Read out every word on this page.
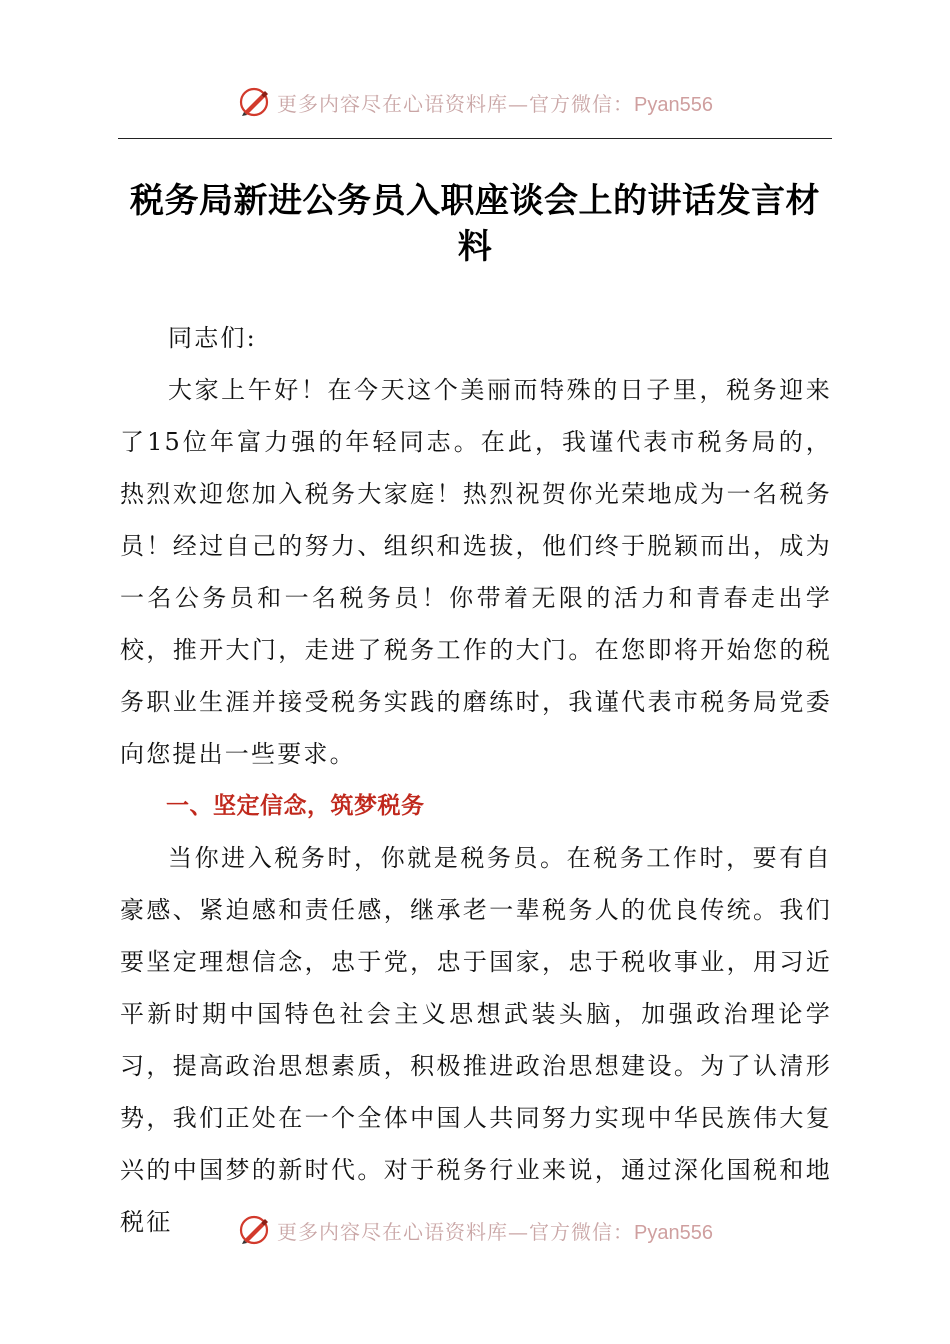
更多内容尽在心语资料库—官方微信：Pyan556
税务局新进公务员入职座谈会上的讲话发言材料

同志们:

大家上午好！在今天这个美丽而特殊的日子里，税务迎来了15位年富力强的年轻同志。在此，我谨代表市税务局的，热烈欢迎您加入税务大家庭！热烈祝贺你光荣地成为一名税务员！经过自己的努力、组织和选拔，他们终于脱颖而出，成为一名公务员和一名税务员！你带着无限的活力和青春走出学校，推开大门，走进了税务工作的大门。在您即将开始您的税务职业生涯并接受税务实践的磨练时，我谨代表市税务局党委向您提出一些要求。

一、坚定信念，筑梦税务

当你进入税务时，你就是税务员。在税务工作时，要有自豪感、紧迫感和责任感，继承老一辈税务人的优良传统。我们要坚定理想信念，忠于党，忠于国家，忠于税收事业，用习近平新时期中国特色社会主义思想武装头脑，加强政治理论学习，提高政治思想素质，积极推进政治思想建设。为了认清形势，我们正处在一个全体中国人共同努力实现中华民族伟大复兴的中国梦的新时代。对于税务行业来说，通过深化国税和地税征	更多内容尽在心语资料库—官方微信：Pyan556
